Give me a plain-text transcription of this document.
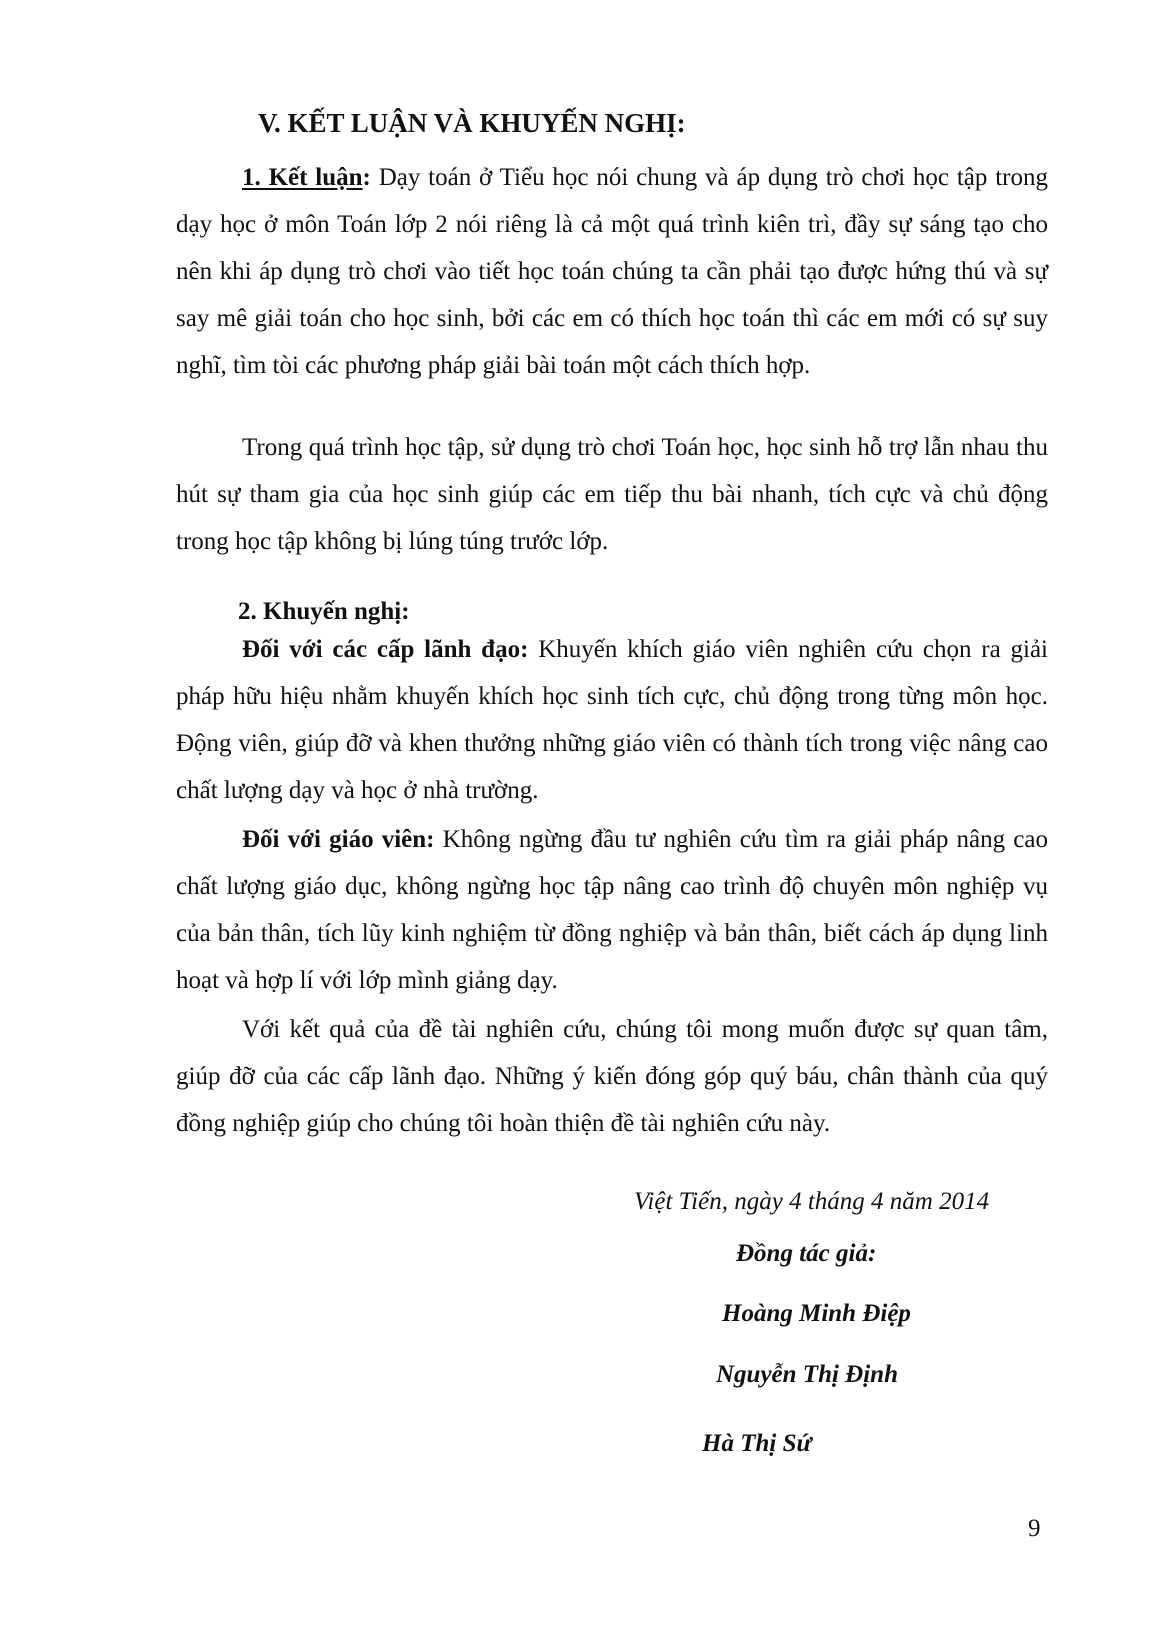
V. KẾT LUẬN VÀ KHUYẾN NGHỊ:

1. Kết luận: Dạy toán ở Tiểu học nói chung và áp dụng trò chơi học tập trong dạy học ở môn Toán lớp 2 nói riêng là cả một quá trình kiên trì, đầy sự sáng tạo cho nên khi áp dụng trò chơi vào tiết học toán chúng ta cần phải tạo được hứng thú và sự say mê giải toán cho học sinh, bởi các em có thích học toán thì các em mới có sự suy nghĩ, tìm tòi các phương pháp giải bài toán một cách thích hợp.

Trong quá trình học tập, sử dụng trò chơi Toán học, học sinh hỗ trợ lẫn nhau thu hút sự tham gia của học sinh giúp các em tiếp thu bài nhanh, tích cực và chủ động trong học tập không bị lúng túng trước lớp.

2. Khuyến nghị:

Đối với các cấp lãnh đạo: Khuyến khích giáo viên nghiên cứu chọn ra giải pháp hữu hiệu nhằm khuyến khích học sinh tích cực, chủ động trong từng môn học. Động viên, giúp đỡ và khen thưởng những giáo viên có thành tích trong việc nâng cao chất lượng dạy và học ở nhà trường.

Đối với giáo viên: Không ngừng đầu tư nghiên cứu tìm ra giải pháp nâng cao chất lượng giáo dục, không ngừng học tập nâng cao trình độ chuyên môn nghiệp vụ của bản thân, tích lũy kinh nghiệm từ đồng nghiệp và bản thân, biết cách áp dụng linh hoạt và hợp lí với lớp mình giảng dạy.

Với kết quả của đề tài nghiên cứu, chúng tôi mong muốn được sự quan tâm, giúp đỡ của các cấp lãnh đạo. Những ý kiến đóng góp quý báu, chân thành của quý đồng nghiệp giúp cho chúng tôi hoàn thiện đề tài nghiên cứu này.

Việt Tiến, ngày 4 tháng 4 năm 2014

Đồng tác giả:

Hoàng Minh Điệp

Nguyễn Thị Định

Hà Thị Sứ

9
